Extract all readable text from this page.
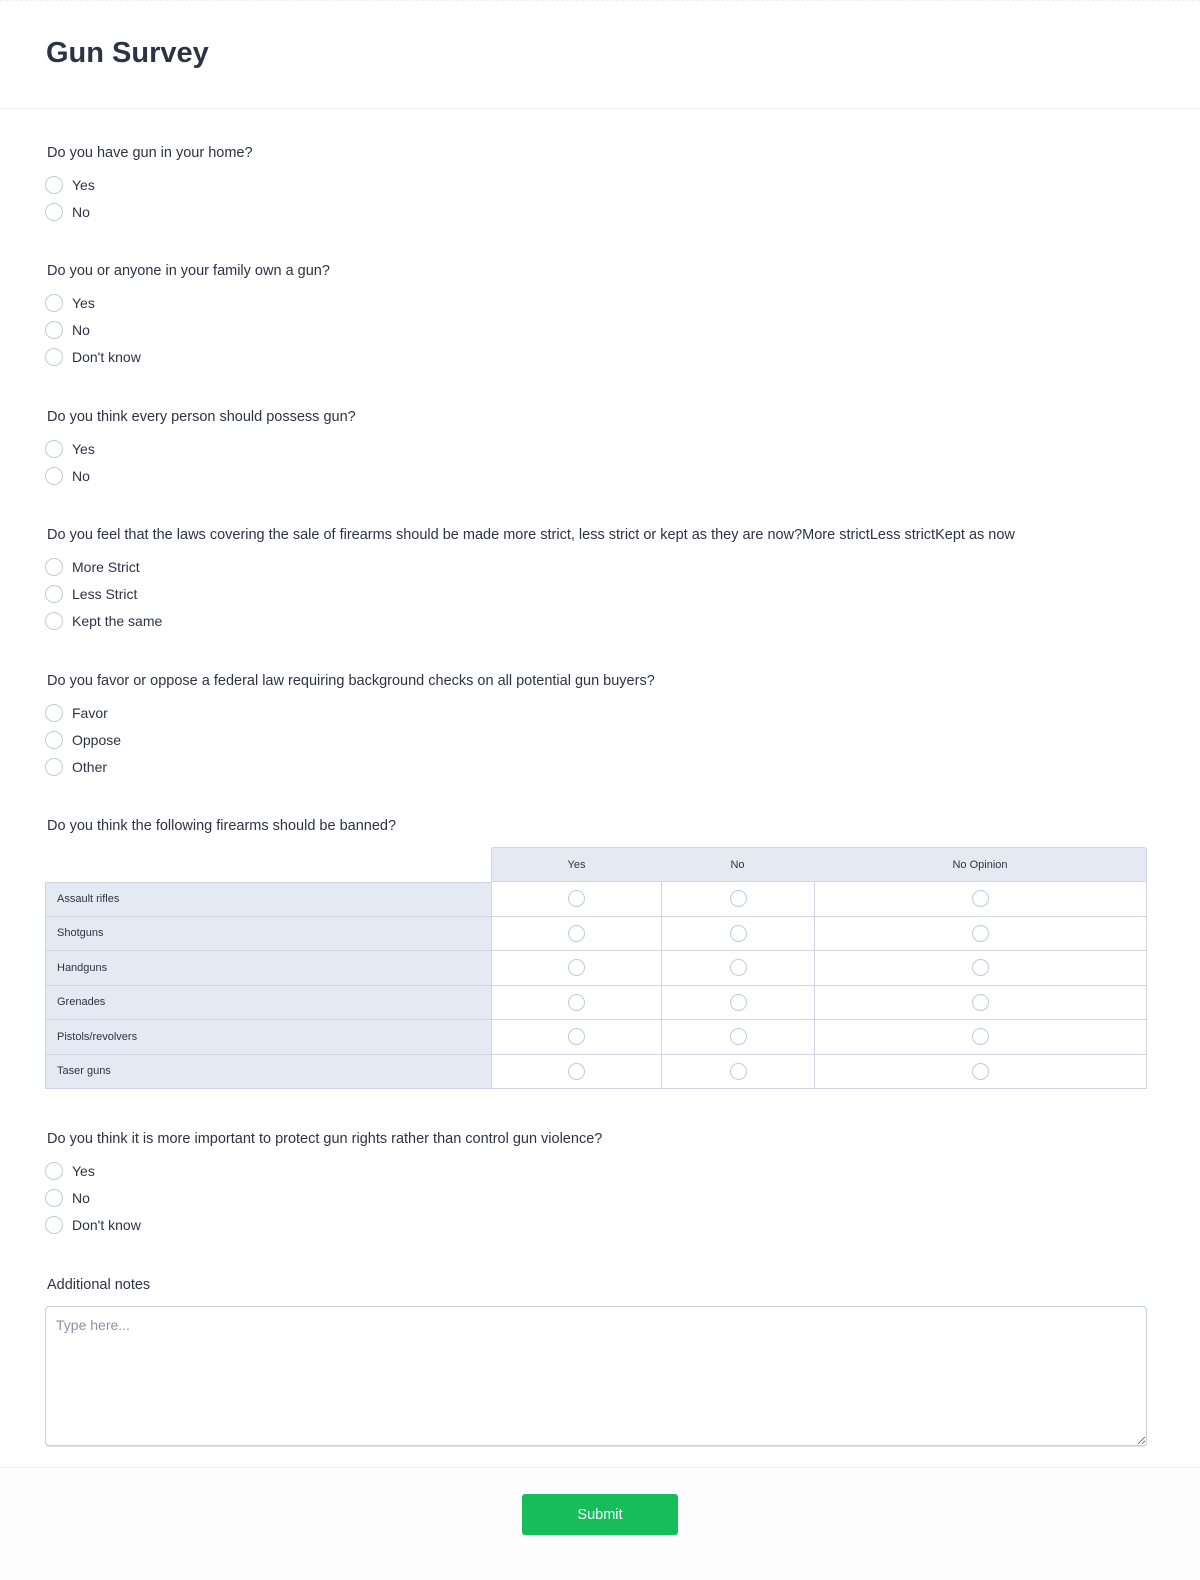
Gun Survey
Do you have gun in your home?
Yes
No
Do you or anyone in your family own a gun?
Yes
No
Don't know
Do you think every person should possess gun?
Yes
No
Do you feel that the laws covering the sale of firearms should be made more strict, less strict or kept as they are now?More strictLess strictKept as now
More Strict
Less Strict
Kept the same
Do you favor or oppose a federal law requiring background checks on all potential gun buyers?
Favor
Oppose
Other
Do you think the following firearms should be banned?
Do you think it is more important to protect gun rights rather than control gun violence?
Yes
No
Don't know
Yes	No	No Opinion
Assault rifles
Shotguns
Handguns
Grenades
Pistols/revolvers
Taser guns
Additional notes
Type here...
Submit
